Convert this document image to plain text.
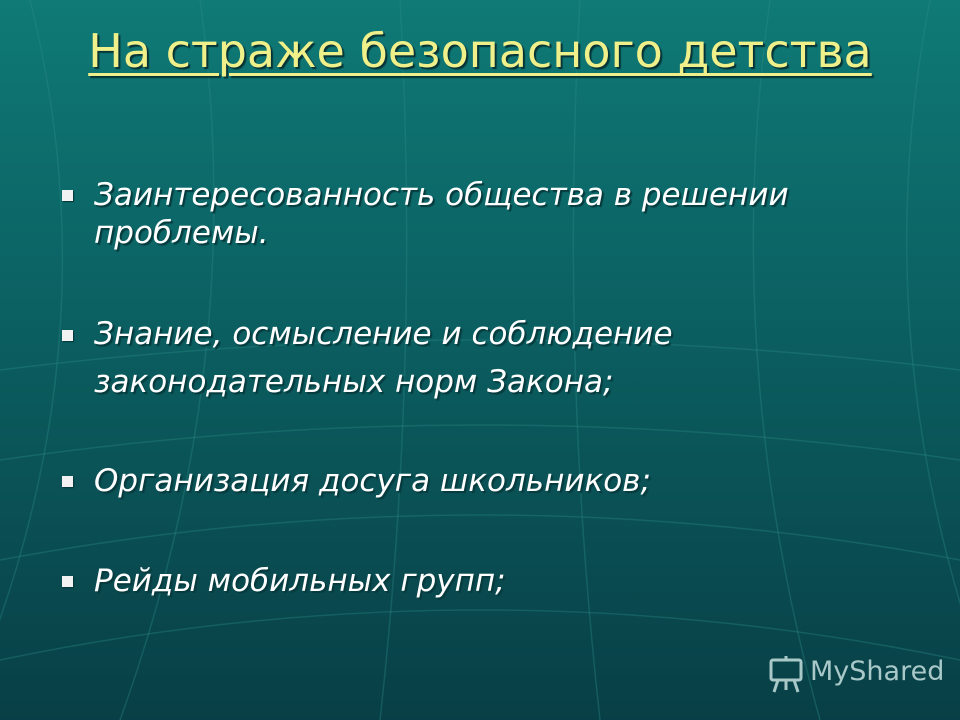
На страже безопасного детства
Заинтересованность общества в решении проблемы.
Знание, осмысление и соблюдение законодательных норм Закона;
Организация досуга школьников;
Рейды мобильных групп;
MyShared
